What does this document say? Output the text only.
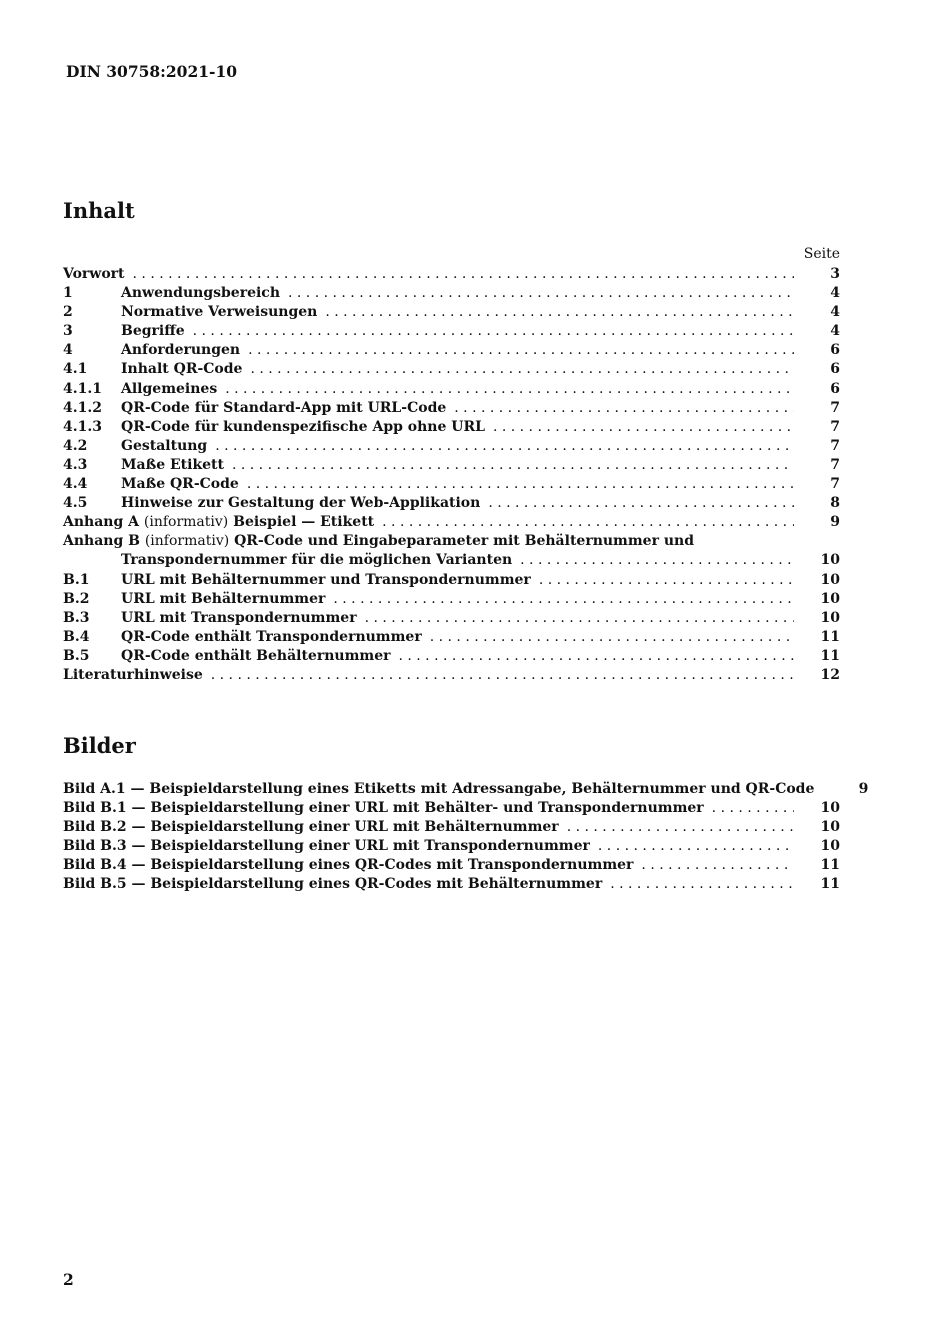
DIN 30758:2021-10
Inhalt
Seite
Vorwort . . .	3
1	Anwendungsbereich . . .	4
2	Normative Verweisungen . . .	4
3	Begriffe . . .	4
4	Anforderungen . . .	6
4.1	Inhalt QR-Code . . .	6
4.1.1	Allgemeines . . .	6
4.1.2	QR-Code für Standard-App mit URL-Code . . .	7
4.1.3	QR-Code für kundenspezifische App ohne URL . . .	7
4.2	Gestaltung . . .	7
4.3	Maße Etikett . . .	7
4.4	Maße QR-Code . . .	7
4.5	Hinweise zur Gestaltung der Web-Applikation . . .	8
Anhang A (informativ) Beispiel — Etikett . . .	9
Anhang B (informativ) QR-Code und Eingabeparameter mit Behälternummer und
Transpondernummer für die möglichen Varianten . . .	10
B.1	URL mit Behälternummer und Transpondernummer . . .	10
B.2	URL mit Behälternummer . . .	10
B.3	URL mit Transpondernummer . . .	10
B.4	QR-Code enthält Transpondernummer . . .	11
B.5	QR-Code enthält Behälternummer . . .	11
Literaturhinweise . . .	12
Bilder
Bild A.1 — Beispieldarstellung eines Etiketts mit Adressangabe, Behälternummer und QR-Code	9
Bild B.1 — Beispieldarstellung einer URL mit Behälter- und Transpondernummer . . .	10
Bild B.2 — Beispieldarstellung einer URL mit Behälternummer . . .	10
Bild B.3 — Beispieldarstellung einer URL mit Transpondernummer . . .	10
Bild B.4 — Beispieldarstellung eines QR-Codes mit Transpondernummer . . .	11
Bild B.5 — Beispieldarstellung eines QR-Codes mit Behälternummer . . .	11
2
